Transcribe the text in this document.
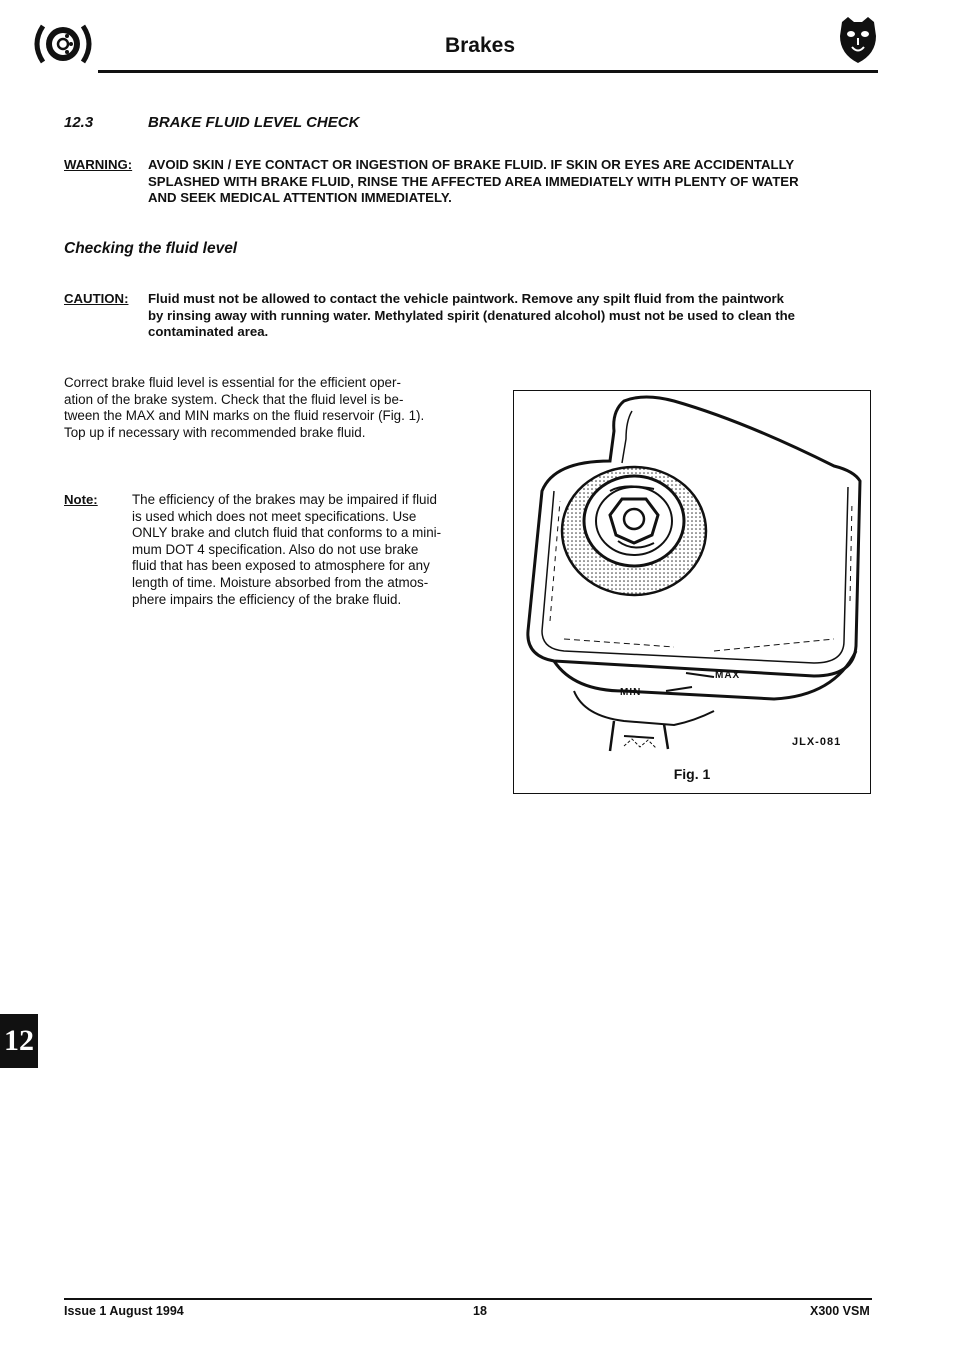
Brakes
12.3	BRAKE FLUID LEVEL CHECK
WARNING: AVOID SKIN / EYE CONTACT OR INGESTION OF BRAKE FLUID. IF SKIN OR EYES ARE ACCIDENTALLY
SPLASHED WITH BRAKE FLUID, RINSE THE AFFECTED AREA IMMEDIATELY WITH PLENTY OF WATER
AND SEEK MEDICAL ATTENTION IMMEDIATELY.
Checking the fluid level
CAUTION: Fluid must not be allowed to contact the vehicle paintwork. Remove any spilt fluid from the paintwork
by rinsing away with running water. Methylated spirit (denatured alcohol) must not be used to clean the
contaminated area.
Correct brake fluid level is essential for the efficient oper-
ation of the brake system. Check that the fluid level is be-
tween the MAX and MIN marks on the fluid reservoir (Fig. 1).
Top up if necessary with recommended brake fluid.
Note:	The efficiency of the brakes may be impaired if fluid
is used which does not meet specifications. Use
ONLY brake and clutch fluid that conforms to a mini-
mum DOT 4 specification. Also do not use brake
fluid that has been exposed to atmosphere for any
length of time. Moisture absorbed from the atmos-
phere impairs the efficiency of the brake fluid.
MAX
MIN
JLX-081
Fig. 1
12
Issue 1 August 1994	18	X300 VSM
